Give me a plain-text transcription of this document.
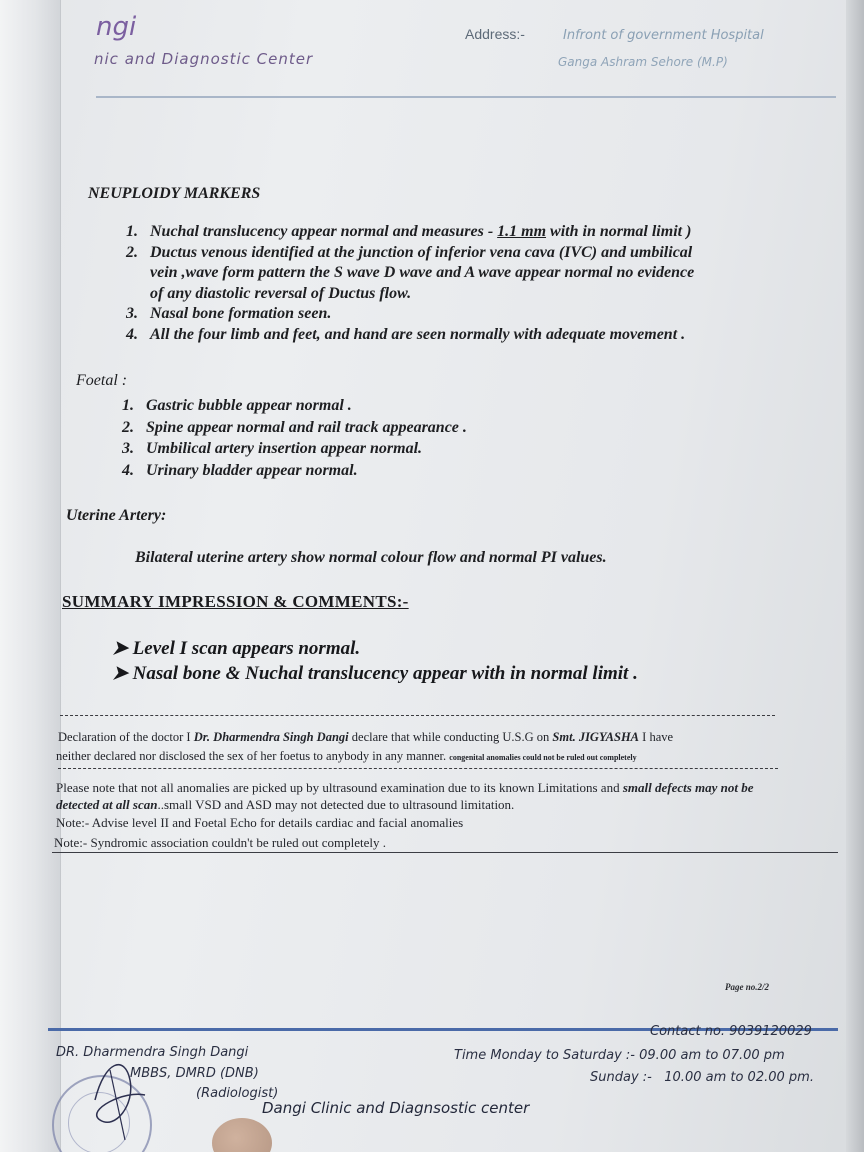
ngi
nic and Diagnostic Center
Address:-	Infront of government Hospital
Ganga Ashram Sehore (M.P)
NEUPLOIDY MARKERS
1. Nuchal translucency appear normal and measures - 1.1 mm with in normal limit )
2. Ductus venous identified at the junction of inferior vena cava (IVC) and umbilical
vein ,wave form pattern the S wave D wave and A wave appear normal no evidence
of any diastolic reversal of Ductus flow.
3. Nasal bone formation seen.
4. All the four limb and feet, and hand are seen normally with adequate movement .
Foetal :
1. Gastric bubble appear normal .
2. Spine appear normal and rail track appearance .
3. Umbilical artery insertion appear normal.
4. Urinary bladder appear normal.
Uterine Artery:
Bilateral uterine artery show normal colour flow and normal PI values.
SUMMARY IMPRESSION & COMMENTS:-
➤ Level I scan appears normal.
➤ Nasal bone & Nuchal translucency appear with in normal limit .
Declaration of the doctor I Dr. Dharmendra Singh Dangi declare that while conducting U.S.G on Smt. JIGYASHA I have
neither declared nor disclosed the sex of her foetus to anybody in any manner. congenital anomalies could not be ruled out completely
Please note that not all anomalies are picked up by ultrasound examination due to its known Limitations and small defects may not be
detected at all scan..small VSD and ASD may not detected due to ultrasound limitation.
Note:- Advise level II and Foetal Echo for details cardiac and facial anomalies
Note:- Syndromic association couldn't be ruled out completely .
Page no.2/2
DR. Dharmendra Singh Dangi
MBBS, DMRD (DNB)
(Radiologist)
Dangi Clinic and Diagnsostic center
Contact no. 9039120029
Time Monday to Saturday :- 09.00 am to 07.00 pm
Sunday :- 10.00 am to 02.00 pm.
